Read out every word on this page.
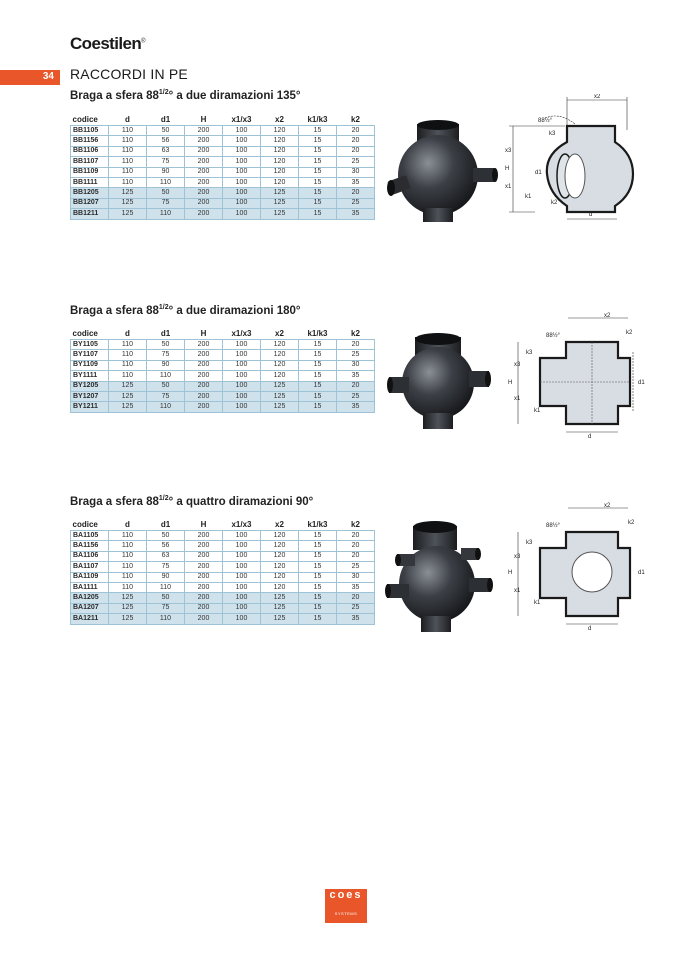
Coestilen®
34 RACCORDI IN PE
Braga a sfera $88^{1/2}^\circ$ a due diramazioni 135°
Braga a sfera $88^{1/2}^\circ$ a due diramazioni 180°
Braga a sfera $88^{1/2}^\circ$ a quattro diramazioni 90°
codice	d	d1	H	x1/x3	x2	k1/k3	k2
BB1105	110	50	200	100	120	15	20
BB1156	110	56	200	100	120	15	20
BB1106	110	63	200	100	120	15	20
BB1107	110	75	200	100	120	15	25
BB1109	110	90	200	100	120	15	30
BB1111	110	110	200	100	120	15	35
BB1205	125	50	200	100	125	15	20
BB1207	125	75	200	100	125	15	25
BB1211	125	110	200	100	125	15	35
codice	d	d1	H	x1/x3	x2	k1/k3	k2
BY1105	110	50	200	100	120	15	20
BY1107	110	75	200	100	120	15	25
BY1109	110	90	200	100	120	15	30
BY1111	110	110	200	100	120	15	35
BY1205	125	50	200	100	125	15	20
BY1207	125	75	200	100	125	15	25
BY1211	125	110	200	100	125	15	35
codice	d	d1	H	x1/x3	x2	k1/k3	k2
BA1105	110	50	200	100	120	15	20
BA1156	110	56	200	100	120	15	20
BA1106	110	63	200	100	120	15	20
BA1107	110	75	200	100	120	15	25
BA1109	110	90	200	100	120	15	30
BA1111	110	110	200	100	120	15	35
BA1205	125	50	200	100	125	15	20
BA1207	125	75	200	100	125	15	25
BA1211	125	110	200	100	125	15	35
x2
88½°
k3
x3
H
d1
x1
k1
k2
d
x2
k2
88½°
k3
x3
H
x1
k1
d1
d
x2
k2
88½°
k3
x3
H
x1
k1
d1
d
coes
SYSTEMS
